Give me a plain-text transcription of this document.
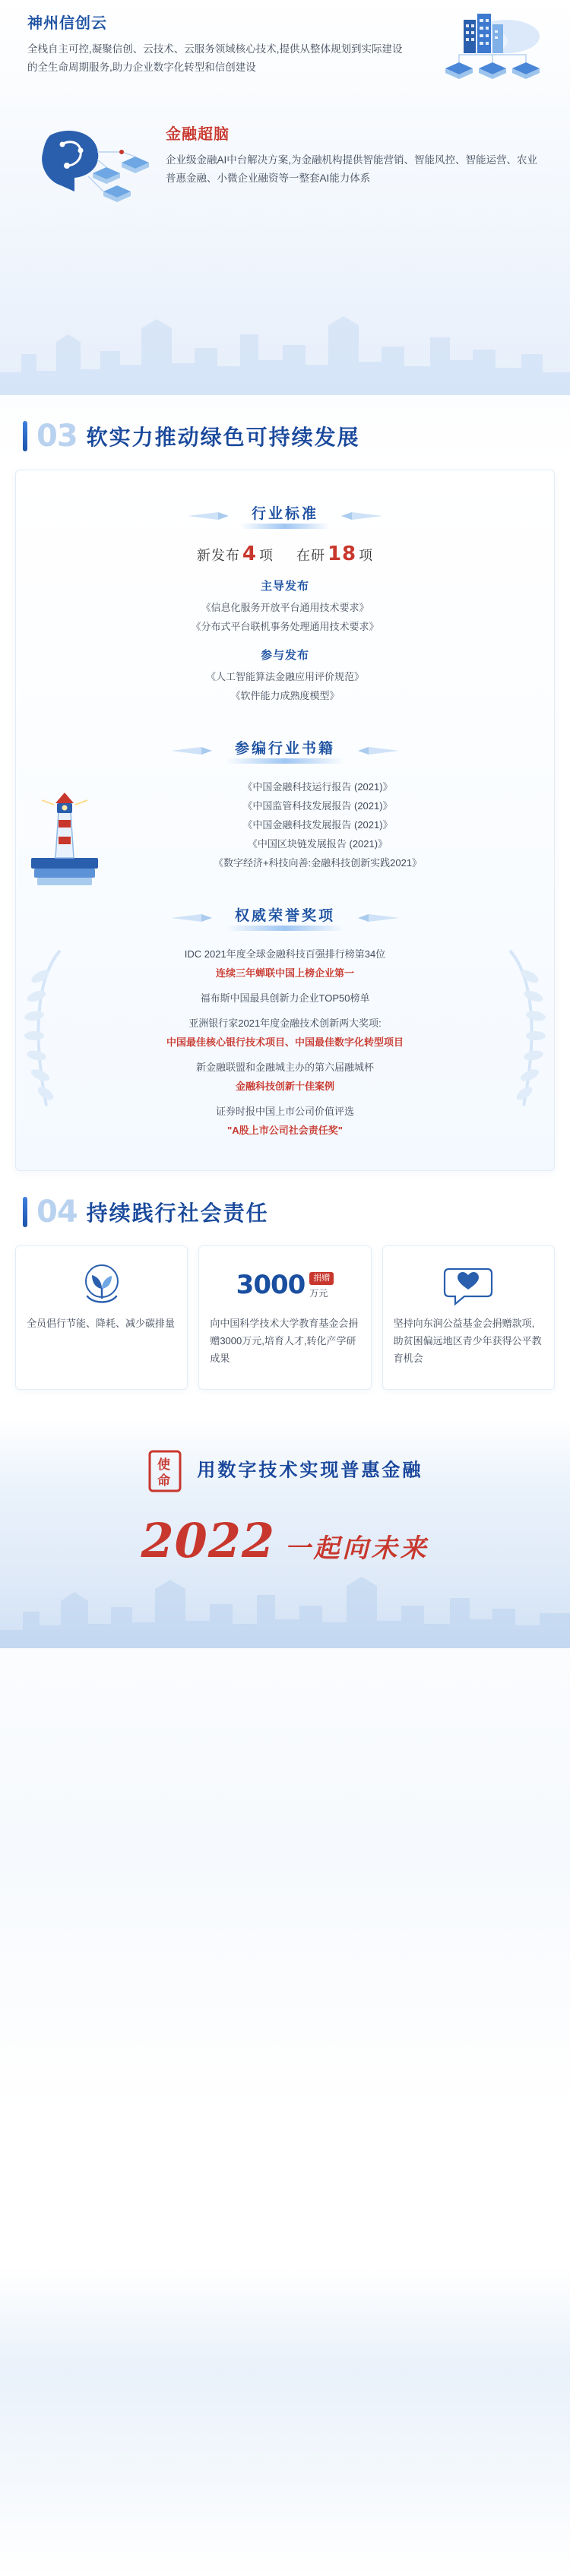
神州信创云
全栈自主可控,凝聚信创、云技术、云服务领域核心技术,提供从整体规划到实际建设的全生命周期服务,助力企业数字化转型和信创建设
金融超脑
企业级金融AI中台解决方案,为金融机构提供智能营销、智能风控、智能运营、农业普惠金融、小微企业融资等一整套AI能力体系
03 软实力推动绿色可持续发展
行业标准
新发布 4 项 在研 18 项
主导发布
《信息化服务开放平台通用技术要求》
《分布式平台联机事务处理通用技术要求》
参与发布
《人工智能算法金融应用评价规范》
《软件能力成熟度模型》
参编行业书籍
《中国金融科技运行报告 (2021)》
《中国监管科技发展报告 (2021)》
《中国金融科技发展报告 (2021)》
《中国区块链发展报告 (2021)》
《数字经济+科技向善:金融科技创新实践2021》
权威荣誉奖项
IDC 2021年度全球金融科技百强排行榜第34位
连续三年蝉联中国上榜企业第一
福布斯中国最具创新力企业TOP50榜单
亚洲银行家2021年度金融技术创新两大奖项:
中国最佳核心银行技术项目、中国最佳数字化转型项目
新金融联盟和金融城主办的第六届融城杯
金融科技创新十佳案例
证券时报中国上市公司价值评选
"A股上市公司社会责任奖"
04 持续践行社会责任
全员倡行节能、降耗、减少碳排量
3000	捐赠
万元
向中国科学技术大学教育基金会捐赠3000万元,培育人才,转化产学研成果
坚持向东润公益基金会捐赠款项,助贫困偏远地区青少年获得公平教育机会
使
命
用数字技术实现普惠金融
2022 一起向未来
